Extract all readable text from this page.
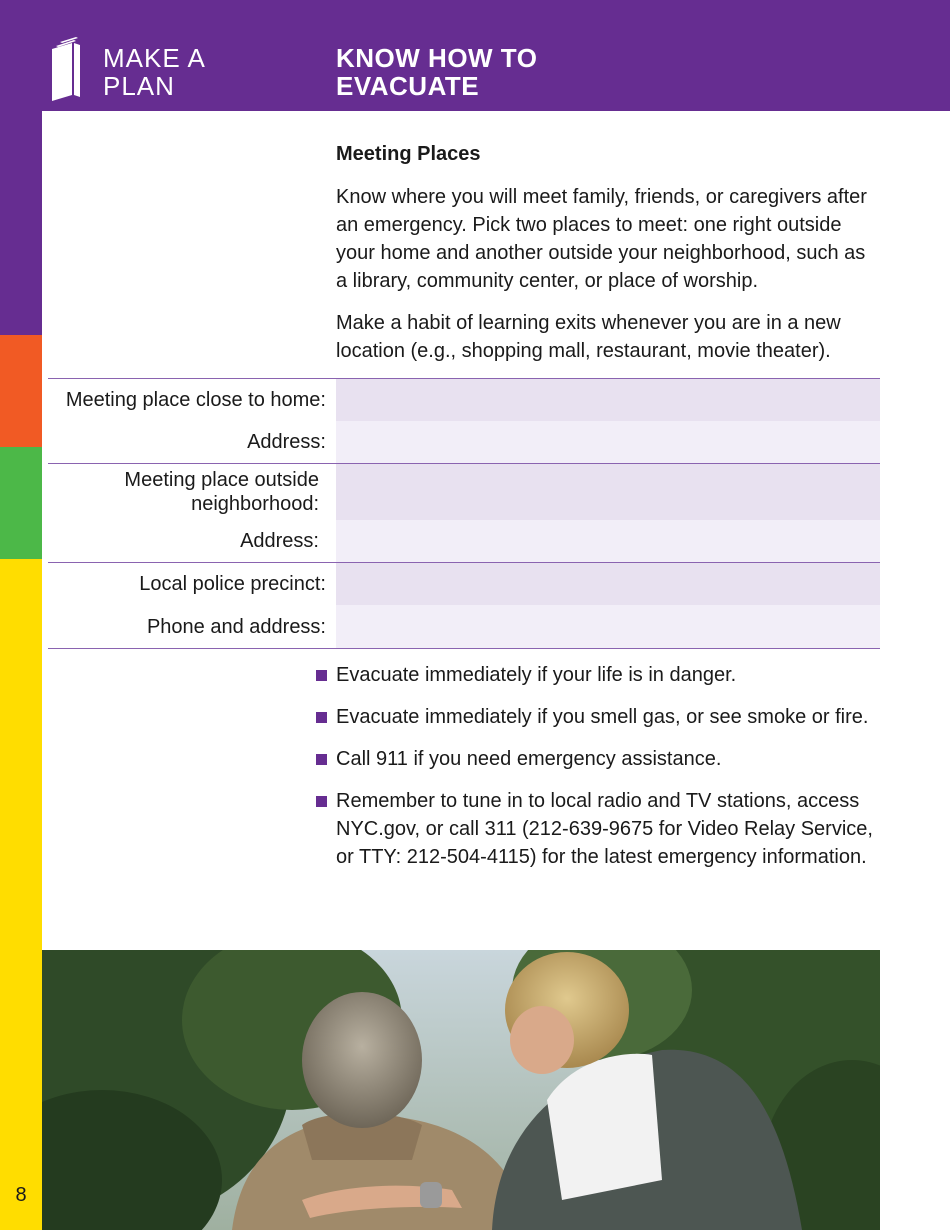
MAKE A
PLAN
KNOW HOW TO
EVACUATE
8
Meeting Places
Know where you will meet family, friends, or caregivers after an emergency. Pick two places to meet: one right outside your home and another outside your neighborhood, such as a library, community center, or place of worship.
Make a habit of learning exits whenever you are in a new location (e.g., shopping mall, restaurant, movie theater).
Meeting place close to home:
Address:
Meeting place outside neighborhood:
Address:
Local police precinct:
Phone and address:
Evacuate immediately if your life is in danger.
Evacuate immediately if you smell gas, or see smoke or fire.
Call 911 if you need emergency assistance.
Remember to tune in to local radio and TV stations, access NYC.gov, or call 311 (212-639-9675 for Video Relay Service, or TTY: 212-504-4115) for the latest emergency information.
